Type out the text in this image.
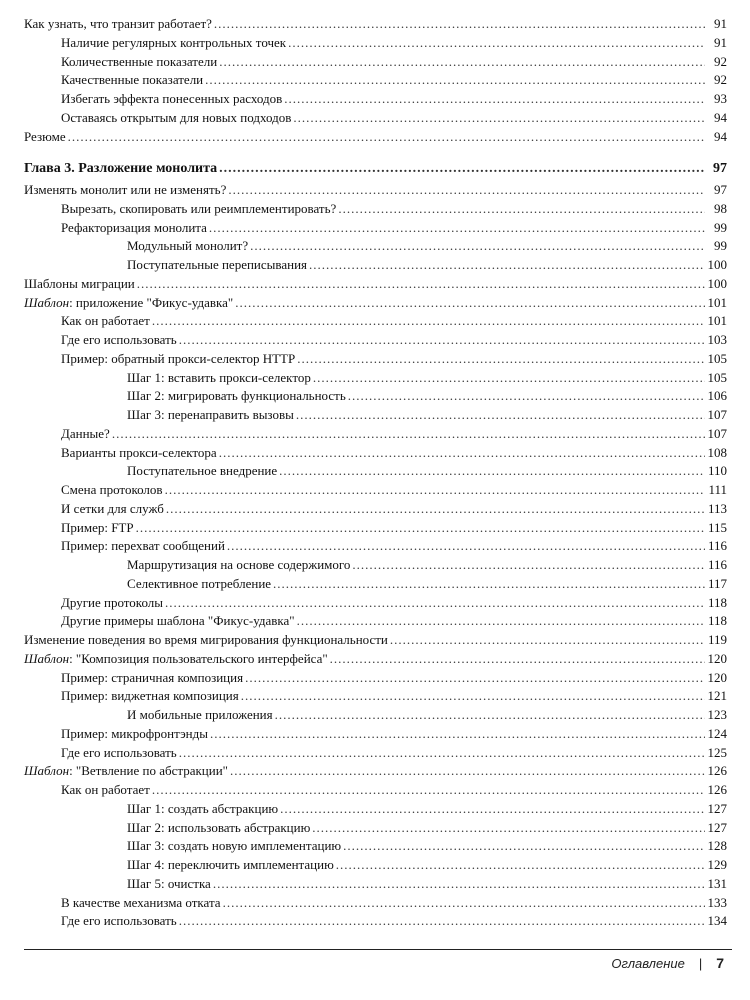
Как узнать, что транзит работает? .....	91
Наличие регулярных контрольных точек .....	91
Количественные показатели .....	92
Качественные показатели .....	92
Избегать эффекта понесенных расходов .....	93
Оставаясь открытым для новых подходов .....	94
Резюме .....	94
Глава 3. Разложение монолита .....	97
Изменять монолит или не изменять? .....	97
Вырезать, скопировать или реимплементировать? .....	98
Рефакторизация монолита .....	99
Модульный монолит? .....	99
Поступательные переписывания .....	100
Шаблоны миграции .....	100
Шаблон: приложение "Фикус-удавка" .....	101
Как он работает .....	101
Где его использовать .....	103
Пример: обратный прокси-селектор HTTP .....	105
Шаг 1: вставить прокси-селектор .....	105
Шаг 2: мигрировать функциональность .....	106
Шаг 3: перенаправить вызовы .....	107
Данные? .....	107
Варианты прокси-селектора .....	108
Поступательное внедрение .....	110
Смена протоколов .....	111
И сетки для служб .....	113
Пример: FTP .....	115
Пример: перехват сообщений .....	116
Маршрутизация на основе содержимого .....	116
Селективное потребление .....	117
Другие протоколы .....	118
Другие примеры шаблона "Фикус-удавка" .....	118
Изменение поведения во время мигрирования функциональности .....	119
Шаблон: "Композиция пользовательского интерфейса" .....	120
Пример: страничная композиция .....	120
Пример: виджетная композиция .....	121
И мобильные приложения .....	123
Пример: микрофронтэнды .....	124
Где его использовать .....	125
Шаблон: "Ветвление по абстракции" .....	126
Как он работает .....	126
Шаг 1: создать абстракцию .....	127
Шаг 2: использовать абстракцию .....	127
Шаг 3: создать новую имплементацию .....	128
Шаг 4: переключить имплементацию .....	129
Шаг 5: очистка .....	131
В качестве механизма отката .....	133
Где его использовать .....	134
Оглавление | 7
